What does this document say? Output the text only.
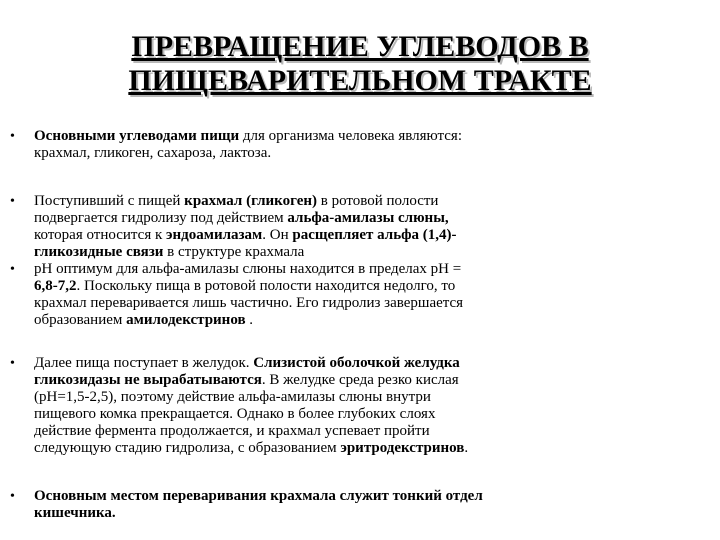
ПРЕВРАЩЕНИЕ УГЛЕВОДОВ В
ПИЩЕВАРИТЕЛЬНОМ ТРАКТЕ
• Основными углеводами пищи для организма человека являются:
крахмал, гликоген, сахароза, лактоза.
• Поступивший с пищей крахмал (гликоген) в ротовой полости
подвергается гидролизу под действием альфа-амилазы слюны,
которая относится к эндоамилазам. Он расщепляет альфа (1,4)-
гликозидные связи в структуре крахмала
• рН оптимум для альфа-амилазы слюны находится в пределах рН =
6,8-7,2. Поскольку пища в ротовой полости находится недолго, то
крахмал переваривается лишь частично. Его гидролиз завершается
образованием амилодекстринов .
• Далее пища поступает в желудок. Слизистой оболочкой желудка
гликозидазы не вырабатываются. В желудке среда резко кислая
(рН=1,5-2,5), поэтому действие альфа-амилазы слюны внутри
пищевого комка прекращается. Однако в более глубоких слоях
действие фермента продолжается, и крахмал успевает пройти
следующую стадию гидролиза, с образованием эритродекстринов.
• Основным местом переваривания крахмала служит тонкий отдел
кишечника.
